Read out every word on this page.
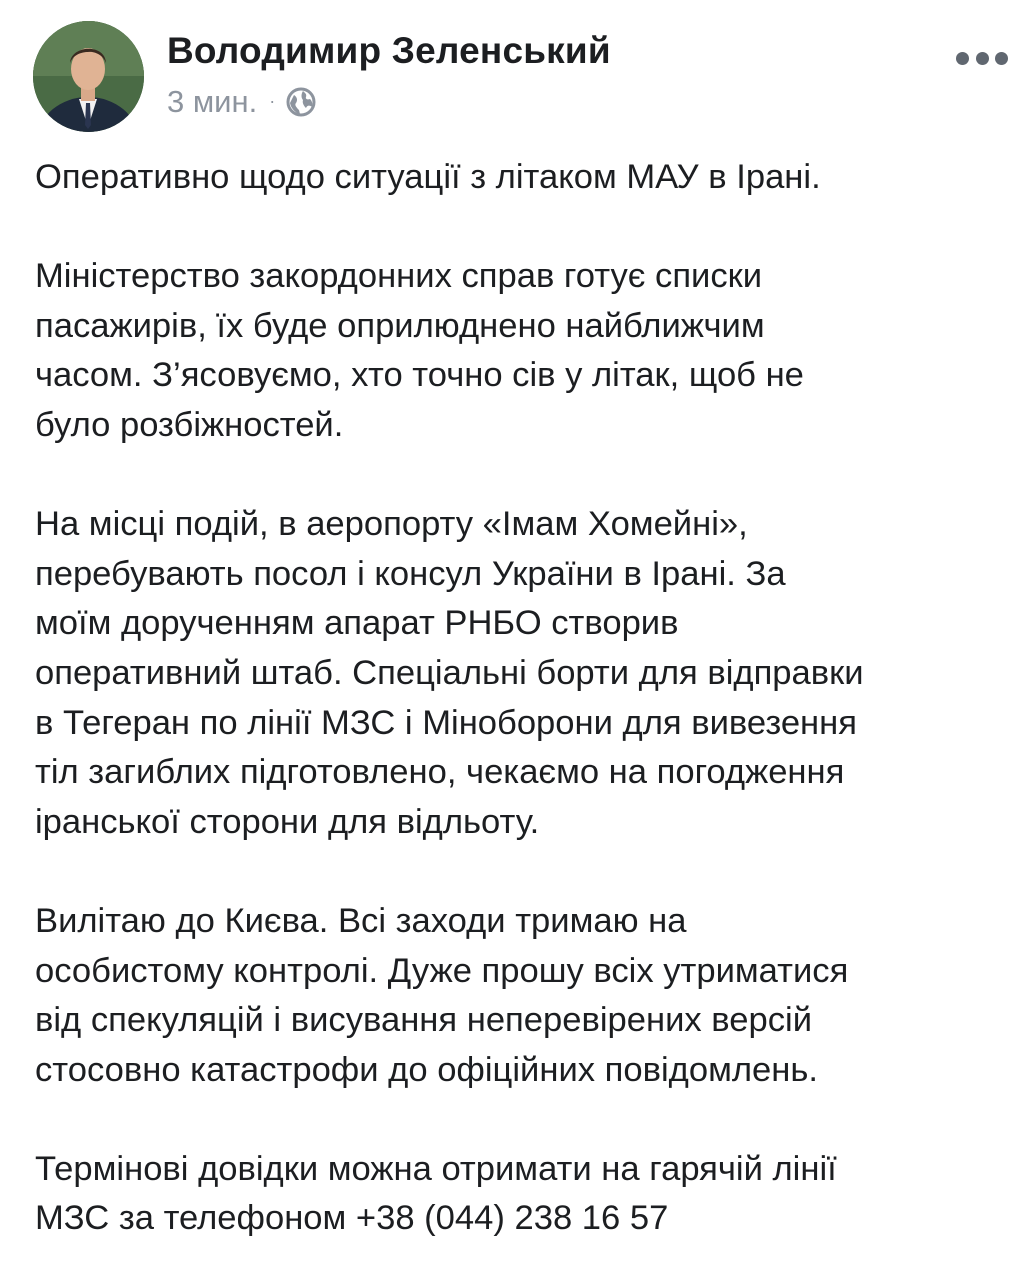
Володимир Зеленський
3 мин. ·

Оперативно щодо ситуації з літаком МАУ в Ірані.

Міністерство закордонних справ готує списки
пасажирів, їх буде оприлюднено найближчим
часом. З’ясовуємо, хто точно сів у літак, щоб не
було розбіжностей.

На місці подій, в аеропорту «Імам Хомейні»,
перебувають посол і консул України в Ірані. За
моїм дорученням апарат РНБО створив
оперативний штаб. Спеціальні борти для відправки
в Тегеран по лінії МЗС і Міноборони для вивезення
тіл загиблих підготовлено, чекаємо на погодження
іранської сторони для відльоту.

Вилітаю до Києва. Всі заходи тримаю на
особистому контролі. Дуже прошу всіх утриматися
від спекуляцій і висування неперевірених версій
стосовно катастрофи до офіційних повідомлень.

Термінові довідки можна отримати на гарячій лінії
МЗС за телефоном +38 (044) 238 16 57
